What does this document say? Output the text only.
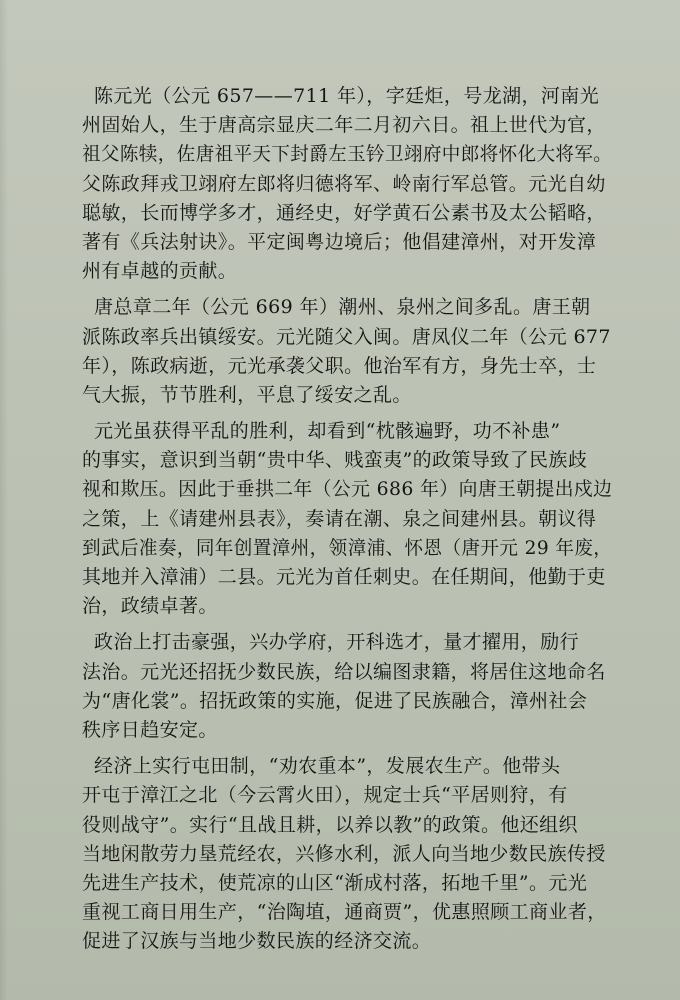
陈元光（公元 657——711 年），字廷炬，号龙湖，河南光
州固始人，生于唐高宗显庆二年二月初六日。祖上世代为官，
祖父陈犊，佐唐祖平天下封爵左玉钤卫翊府中郎将怀化大将军。
父陈政拜戎卫翊府左郎将归德将军、岭南行军总管。元光自幼
聪敏，长而博学多才，通经史，好学黄石公素书及太公韬略，
著有《兵法射诀》。平定闽粤边境后；他倡建漳州，对开发漳
州有卓越的贡献。
唐总章二年（公元 669 年）潮州、泉州之间多乱。唐王朝
派陈政率兵出镇绥安。元光随父入闽。唐凤仪二年（公元 677
年），陈政病逝，元光承袭父职。他治军有方，身先士卒，士
气大振，节节胜利，平息了绥安之乱。
元光虽获得平乱的胜利，却看到“枕骸遍野，功不补患”
的事实，意识到当朝“贵中华、贱蛮夷”的政策导致了民族歧
视和欺压。因此于垂拱二年（公元 686 年）向唐王朝提出戍边
之策，上《请建州县表》，奏请在潮、泉之间建州县。朝议得
到武后准奏，同年创置漳州，领漳浦、怀恩（唐开元 29 年废，
其地并入漳浦）二县。元光为首任刺史。在任期间，他勤于吏
治，政绩卓著。
政治上打击豪强，兴办学府，开科选才，量才擢用，励行
法治。元光还招抚少数民族，给以编图隶籍，将居住这地命名
为“唐化裳”。招抚政策的实施，促进了民族融合，漳州社会
秩序日趋安定。
经济上实行屯田制，“劝农重本”，发展农生产。他带头
开屯于漳江之北（今云霄火田），规定士兵“平居则狩，有
役则战守”。实行“且战且耕，以养以教”的政策。他还组织
当地闲散劳力垦荒经农，兴修水利，派人向当地少数民族传授
先进生产技术，使荒凉的山区“渐成村落，拓地千里”。元光
重视工商日用生产，“治陶埴，通商贾”，优惠照顾工商业者，
促进了汉族与当地少数民族的经济交流。
